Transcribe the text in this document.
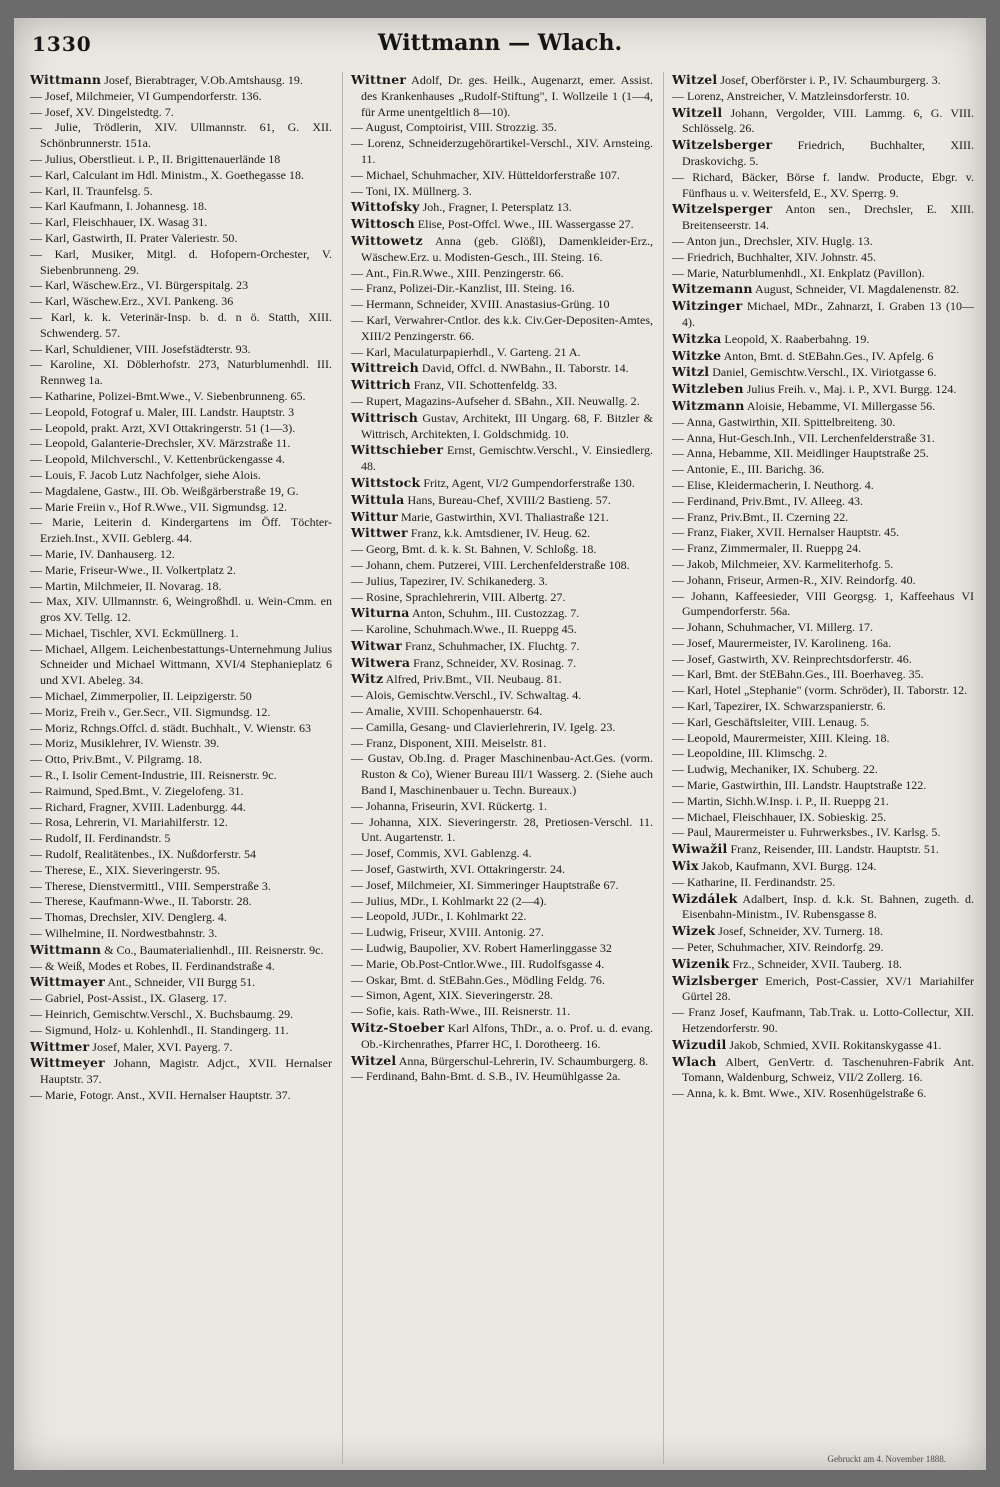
1330	Wittmann — Wlach.

Wittmann Josef, Bierabtrager, V.Ob.Amtshausg. 19.

— Josef, Milchmeier, VI Gumpendorferstr. 136.

— Josef, XV. Dingelstedtg. 7.

— Julie, Trödlerin, XIV. Ullmannstr. 61, G. XII. Schönbrunnerstr. 151a.

— Julius, Oberstlieut. i. P., II. Brigittenauerlände 18

— Karl, Calculant im Hdl. Ministm., X. Goethegasse 18.

— Karl, II. Traunfelsg. 5.

— Karl Kaufmann, I. Johannesg. 18.

— Karl, Fleischhauer, IX. Wasag 31.

— Karl, Gastwirth, II. Prater Valeriestr. 50.

— Karl, Musiker, Mitgl. d. Hofopern-Orchester, V. Siebenbrunneng. 29.

— Karl, Wäschew.Erz., VI. Bürgerspitalg. 23

— Karl, Wäschew.Erz., XVI. Pankeng. 36

— Karl, k. k. Veterinär-Insp. b. d. n ö. Statth, XIII. Schwenderg. 57.

— Karl, Schuldiener, VIII. Josefstädterstr. 93.

— Karoline, XI. Döblerhofstr. 273, Naturblumenhdl. III. Rennweg 1a.

— Katharine, Polizei-Bmt.Wwe., V. Siebenbrunneng. 65.

— Leopold, Fotograf u. Maler, III. Landstr. Hauptstr. 3

— Leopold, prakt. Arzt, XVI Ottakringerstr. 51 (1—3).

— Leopold, Galanterie-Drechsler, XV. Märzstraße 11.

— Leopold, Milchverschl., V. Kettenbrückengasse 4.

— Louis, F. Jacob Lutz Nachfolger, siehe Alois.

— Magdalene, Gastw., III. Ob. Weißgärberstraße 19, G.

— Marie Freiin v., Hof R.Wwe., VII. Sigmundsg. 12.

— Marie, Leiterin d. Kindergartens im Öff. Töchter-Erzieh.Inst., XVII. Geblerg. 44.

— Marie, IV. Danhauserg. 12.

— Marie, Friseur-Wwe., II. Volkertplatz 2.

— Martin, Milchmeier, II. Novarag. 18.

— Max, XIV. Ullmannstr. 6, Weingroßhdl. u. Wein-Cmm. en gros XV. Tellg. 12.

— Michael, Tischler, XVI. Eckmüllnerg. 1.

— Michael, Allgem. Leichenbestattungs-Unternehmung Julius Schneider und Michael Wittmann, XVI/4 Stephanieplatz 6 und XVI. Abeleg. 34.

— Michael, Zimmerpolier, II. Leipzigerstr. 50

— Moriz, Freih v., Ger.Secr., VII. Sigmundsg. 12.

— Moriz, Rchngs.Offcl. d. städt. Buchhalt., V. Wienstr. 63

— Moriz, Musiklehrer, IV. Wienstr. 39.

— Otto, Priv.Bmt., V. Pilgramg. 18.

— R., I. Isolir Cement-Industrie, III. Reisnerstr. 9c.

— Raimund, Sped.Bmt., V. Ziegelofeng. 31.

— Richard, Fragner, XVIII. Ladenburgg. 44.

— Rosa, Lehrerin, VI. Mariahilferstr. 12.

— Rudolf, II. Ferdinandstr. 5

— Rudolf, Realitätenbes., IX. Nußdorferstr. 54

— Therese, E., XIX. Sieveringerstr. 95.

— Therese, Dienstvermittl., VIII. Semperstraße 3.

— Therese, Kaufmann-Wwe., II. Taborstr. 28.

— Thomas, Drechsler, XIV. Denglerg. 4.

— Wilhelmine, II. Nordwestbahnstr. 3.

Wittmann & Co., Baumaterialienhdl., III. Reisnerstr. 9c.

— & Weiß, Modes et Robes, II. Ferdinandstraße 4.

Wittmayer Ant., Schneider, VII Burgg 51.

— Gabriel, Post-Assist., IX. Glaserg. 17.

— Heinrich, Gemischtw.Verschl., X. Buchsbaumg. 29.

— Sigmund, Holz- u. Kohlenhdl., II. Standingerg. 11.

Wittmer Josef, Maler, XVI. Payerg. 7.

Wittmeyer Johann, Magistr. Adjct., XVII. Hernalser Hauptstr. 37.

— Marie, Fotogr. Anst., XVII. Hernalser Hauptstr. 37.

Wittner Adolf, Dr. ges. Heilk., Augenarzt, emer. Assist. des Krankenhauses „Rudolf-Stiftung", I. Wollzeile 1 (1—4, für Arme unentgeltlich 8—10).

— August, Comptoirist, VIII. Strozzig. 35.

— Lorenz, Schneiderzugehörartikel-Verschl., XIV. Arnsteing. 11.

— Michael, Schuhmacher, XIV. Hütteldorferstraße 107.

— Toni, IX. Müllnerg. 3.

Wittofsky Joh., Fragner, I. Petersplatz 13.

Wittosch Elise, Post-Offcl. Wwe., III. Wassergasse 27.

Wittowetz Anna (geb. Glößl), Damenkleider-Erz., Wäschew.Erz. u. Modisten-Gesch., III. Steing. 16.

— Ant., Fin.R.Wwe., XIII. Penzingerstr. 66.

— Franz, Polizei-Dir.-Kanzlist, III. Steing. 16.

— Hermann, Schneider, XVIII. Anastasius-Grüng. 10

— Karl, Verwahrer-Cntlor. des k.k. Civ.Ger-Depositen-Amtes, XIII/2 Penzingerstr. 66.

— Karl, Maculaturpapierhdl., V. Garteng. 21 A.

Wittreich David, Offcl. d. NWBahn., II. Taborstr. 14.

Wittrich Franz, VII. Schottenfeldg. 33.

— Rupert, Magazins-Aufseher d. SBahn., XII. Neuwallg. 2.

Wittrisch Gustav, Architekt, III Ungarg. 68, F. Bitzler & Wittrisch, Architekten, I. Goldschmidg. 10.

Wittschieber Ernst, Gemischtw.Verschl., V. Einsiedlerg. 48.

Wittstock Fritz, Agent, VI/2 Gumpendorferstraße 130.

Wittula Hans, Bureau-Chef, XVIII/2 Bastieng. 57.

Wittur Marie, Gastwirthin, XVI. Thaliastraße 121.

Wittwer Franz, k.k. Amtsdiener, IV. Heug. 62.

— Georg, Bmt. d. k. k. St. Bahnen, V. Schloßg. 18.

— Johann, chem. Putzerei, VIII. Lerchenfelderstraße 108.

— Julius, Tapezirer, IV. Schikanederg. 3.

— Rosine, Sprachlehrerin, VIII. Albertg. 27.

Witurna Anton, Schuhm., III. Custozzag. 7.

— Karoline, Schuhmach.Wwe., II. Rueppg 45.

Witwar Franz, Schuhmacher, IX. Fluchtg. 7.

Witwera Franz, Schneider, XV. Rosinag. 7.

Witz Alfred, Priv.Bmt., VII. Neubaug. 81.

— Alois, Gemischtw.Verschl., IV. Schwaltag. 4.

— Amalie, XVIII. Schopenhauerstr. 64.

— Camilla, Gesang- und Clavierlehrerin, IV. Igelg. 23.

— Franz, Disponent, XIII. Meiselstr. 81.

— Gustav, Ob.Ing. d. Prager Maschinenbau-Act.Ges. (vorm. Ruston & Co), Wiener Bureau III/1 Wasserg. 2. (Siehe auch Band I, Maschinenbauer u. Techn. Bureaux.)

— Johanna, Friseurin, XVI. Rückertg. 1.

— Johanna, XIX. Sieveringerstr. 28, Pretiosen-Verschl. 11. Unt. Augartenstr. 1.

— Josef, Commis, XVI. Gablenzg. 4.

— Josef, Gastwirth, XVI. Ottakringerstr. 24.

— Josef, Milchmeier, XI. Simmeringer Hauptstraße 67.

— Julius, MDr., I. Kohlmarkt 22 (2—4).

— Leopold, JUDr., I. Kohlmarkt 22.

— Ludwig, Friseur, XVIII. Antonig. 27.

— Ludwig, Baupolier, XV. Robert Hamerlinggasse 32

— Marie, Ob.Post-Cntlor.Wwe., III. Rudolfsgasse 4.

— Oskar, Bmt. d. StEBahn.Ges., Mödling Feldg. 76.

— Simon, Agent, XIX. Sieveringerstr. 28.

— Sofie, kais. Rath-Wwe., III. Reisnerstr. 11.

Witz-Stoeber Karl Alfons, ThDr., a. o. Prof. u. d. evang. Ob.-Kirchenrathes, Pfarrer HC, I. Dorotheerg. 16.

Witzel Anna, Bürgerschul-Lehrerin, IV. Schaumburgerg. 8.

— Ferdinand, Bahn-Bmt. d. S.B., IV. Heumühlgasse 2a.

Witzel Josef, Oberförster i. P., IV. Schaumburgerg. 3.

— Lorenz, Anstreicher, V. Matzleinsdorferstr. 10.

Witzell Johann, Vergolder, VIII. Lammg. 6, G. VIII. Schlösselg. 26.

Witzelsberger Friedrich, Buchhalter, XIII. Draskovichg. 5.

— Richard, Bäcker, Börse f. landw. Producte, Ebgr. v. Fünfhaus u. v. Weitersfeld, E., XV. Sperrg. 9.

Witzelsperger Anton sen., Drechsler, E. XIII. Breitenseerstr. 14.

— Anton jun., Drechsler, XIV. Huglg. 13.

— Friedrich, Buchhalter, XIV. Johnstr. 45.

— Marie, Naturblumenhdl., XI. Enkplatz (Pavillon).

Witzemann August, Schneider, VI. Magdalenenstr. 82.

Witzinger Michael, MDr., Zahnarzt, I. Graben 13 (10—4).

Witzka Leopold, X. Raaberbahng. 19.

Witzke Anton, Bmt. d. StEBahn.Ges., IV. Apfelg. 6

Witzl Daniel, Gemischtw.Verschl., IX. Viriotgasse 6.

Witzleben Julius Freih. v., Maj. i. P., XVI. Burgg. 124.

Witzmann Aloisie, Hebamme, VI. Millergasse 56.

— Anna, Gastwirthin, XII. Spittelbreiteng. 30.

— Anna, Hut-Gesch.Inh., VII. Lerchenfelderstraße 31.

— Anna, Hebamme, XII. Meidlinger Hauptstraße 25.

— Antonie, E., III. Barichg. 36.

— Elise, Kleidermacherin, I. Neuthorg. 4.

— Ferdinand, Priv.Bmt., IV. Alleeg. 43.

— Franz, Priv.Bmt., II. Czerning 22.

— Franz, Fiaker, XVII. Hernalser Hauptstr. 45.

— Franz, Zimmermaler, II. Rueppg 24.

— Jakob, Milchmeier, XV. Karmeliterhofg. 5.

— Johann, Friseur, Armen-R., XIV. Reindorfg. 40.

— Johann, Kaffeesieder, VIII Georgsg. 1, Kaffeehaus VI Gumpendorferstr. 56a.

— Johann, Schuhmacher, VI. Millerg. 17.

— Josef, Maurermeister, IV. Karolineng. 16a.

— Josef, Gastwirth, XV. Reinprechtsdorferstr. 46.

— Karl, Bmt. der StEBahn.Ges., III. Boerhaveg. 35.

— Karl, Hotel „Stephanie" (vorm. Schröder), II. Taborstr. 12.

— Karl, Tapezirer, IX. Schwarzspanierstr. 6.

— Karl, Geschäftsleiter, VIII. Lenaug. 5.

— Leopold, Maurermeister, XIII. Kleing. 18.

— Leopoldine, III. Klimschg. 2.

— Ludwig, Mechaniker, IX. Schuberg. 22.

— Marie, Gastwirthin, III. Landstr. Hauptstraße 122.

— Martin, Sichh.W.Insp. i. P., II. Rueppg 21.

— Michael, Fleischhauer, IX. Sobieskig. 25.

— Paul, Maurermeister u. Fuhrwerksbes., IV. Karlsg. 5.

Wiwažil Franz, Reisender, III. Landstr. Hauptstr. 51.

Wix Jakob, Kaufmann, XVI. Burgg. 124.

— Katharine, II. Ferdinandstr. 25.

Wizdálek Adalbert, Insp. d. k.k. St. Bahnen, zugeth. d. Eisenbahn-Ministm., IV. Rubensgasse 8.

Wizek Josef, Schneider, XV. Turnerg. 18.

— Peter, Schuhmacher, XIV. Reindorfg. 29.

Wizenik Frz., Schneider, XVII. Tauberg. 18.

Wizlsberger Emerich, Post-Cassier, XV/1 Mariahilfer Gürtel 28.

— Franz Josef, Kaufmann, Tab.Trak. u. Lotto-Collectur, XII. Hetzendorferstr. 90.

Wizudil Jakob, Schmied, XVII. Rokitanskygasse 41.

Wlach Albert, GenVertr. d. Taschenuhren-Fabrik Ant. Tomann, Waldenburg, Schweiz, VII/2 Zollerg. 16.

— Anna, k. k. Bmt. Wwe., XIV. Rosenhügelstraße 6.

Gebruckt am 4. November 1888.
